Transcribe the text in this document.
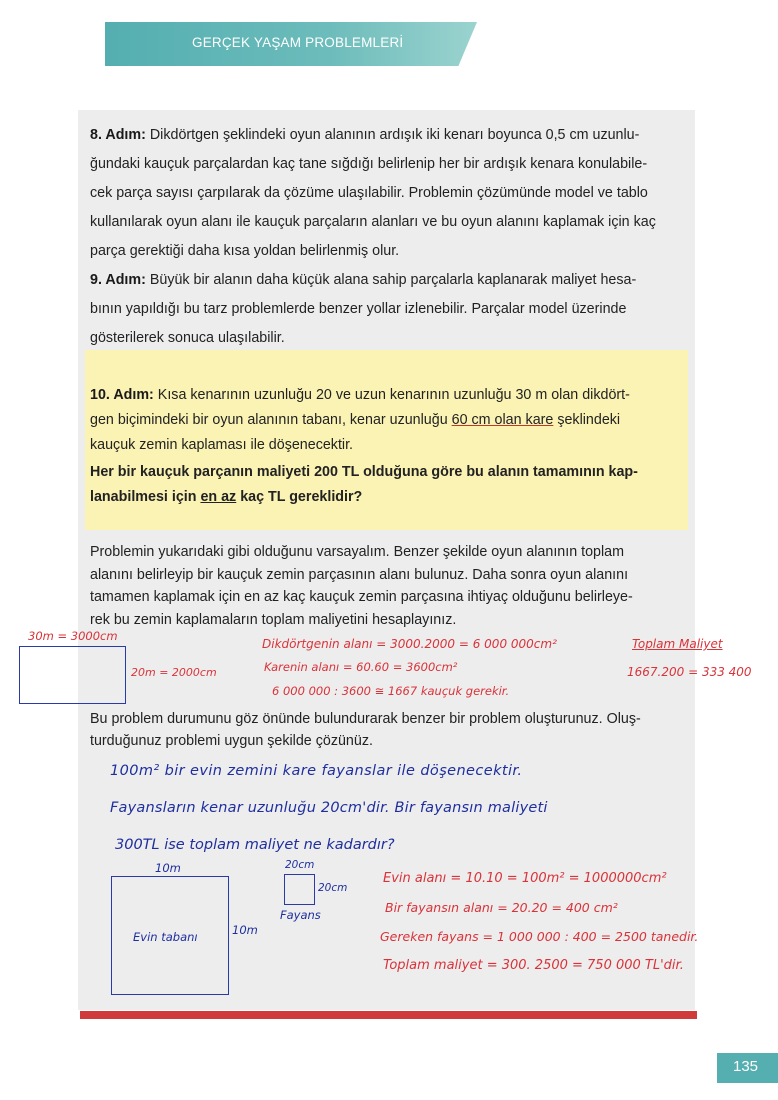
GERÇEK YAŞAM PROBLEMLERİ
8. Adım: Dikdörtgen şeklindeki oyun alanının ardışık iki kenarı boyunca 0,5 cm uzunlu-
ğundaki kauçuk parçalardan kaç tane sığdığı belirlenip her bir ardışık kenara konulabile-
cek parça sayısı çarpılarak da çözüme ulaşılabilir. Problemin çözümünde model ve tablo
kullanılarak oyun alanı ile kauçuk parçaların alanları ve bu oyun alanını kaplamak için kaç
parça gerektiği daha kısa yoldan belirlenmiş olur.
9. Adım: Büyük bir alanın daha küçük alana sahip parçalarla kaplanarak maliyet hesa-
bının yapıldığı bu tarz problemlerde benzer yollar izlenebilir. Parçalar model üzerinde
gösterilerek sonuca ulaşılabilir.
10. Adım: Kısa kenarının uzunluğu 20 ve uzun kenarının uzunluğu 30 m olan dikdört-
gen biçimindeki bir oyun alanının tabanı, kenar uzunluğu 60 cm olan kare şeklindeki
kauçuk zemin kaplaması ile döşenecektir.
Her bir kauçuk parçanın maliyeti 200 TL olduğuna göre bu alanın tamamının kap-
lanabilmesi için en az kaç TL gereklidir?
Problemin yukarıdaki gibi olduğunu varsayalım. Benzer şekilde oyun alanının toplam
alanını belirleyip bir kauçuk zemin parçasının alanı bulunuz. Daha sonra oyun alanını
tamamen kaplamak için en az kaç kauçuk zemin parçasına ihtiyaç olduğunu belirleye-
rek bu zemin kaplamaların toplam maliyetini hesaplayınız.
30m = 3000cm
20m = 2000cm
Dikdörtgenin alanı = 3000.2000 = 6 000 000cm²
Karenin alanı = 60.60 = 3600cm²
6 000 000 : 3600 ≅ 1667 kauçuk gerekir.
Toplam Maliyet
1667.200 = 333 400
Bu problem durumunu göz önünde bulundurarak benzer bir problem oluşturunuz. Oluş-
turduğunuz problemi uygun şekilde çözünüz.
100m² bir evin zemini kare fayanslar ile döşenecektir.
Fayansların kenar uzunluğu 20cm'dir. Bir fayansın maliyeti
300TL ise toplam maliyet ne kadardır?
10m
Evin tabanı	10m
20cm
20cm
Fayans
Evin alanı = 10.10 = 100m² = 1000000cm²
Bir fayansın alanı = 20.20 = 400 cm²
Gereken fayans = 1 000 000 : 400 = 2500 tanedir.
Toplam maliyet = 300. 2500 = 750 000 TL'dir.
135
